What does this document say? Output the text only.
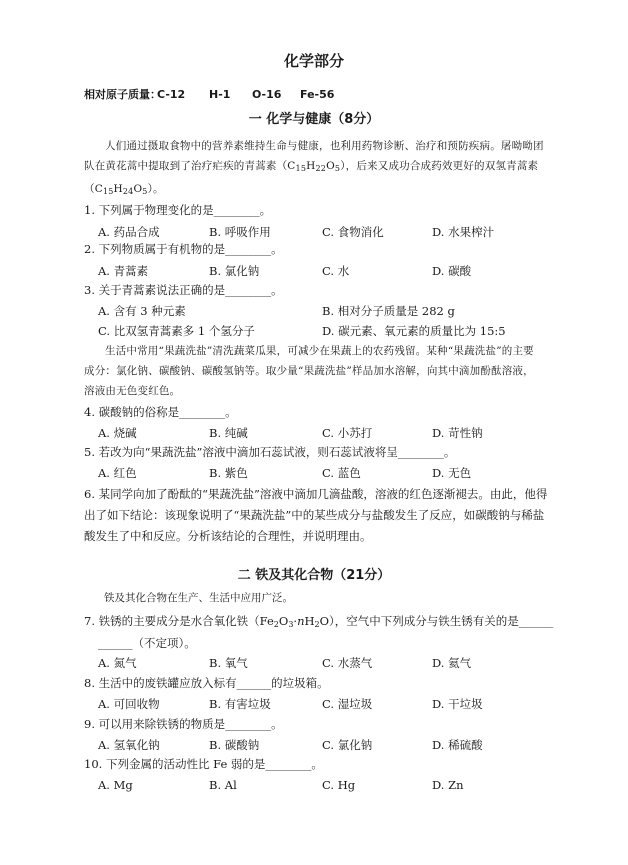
化学部分
相对原子质量：
C-12 H-1 O-16 Fe-56
一 化学与健康（8分）
人们通过摄取食物中的营养素维持生命与健康，也利用药物诊断、治疗和预防疾病。屠呦呦团队在黄花蒿中提取到了治疗疟疾的青蒿素$(C_{15}H_{22}O_5)$，后来又成功合成药效更好的双氢青蒿素$(C_{15}H_{24}O_5)$。
1. 下列属于物理变化的是________。
A. 药品合成	B. 呼吸作用	C. 食物消化	D. 水果榨汁
2. 下列物质属于有机物的是________。
A. 青蒿素	B. 氯化钠	C. 水	D. 碳酸
3. 关于青蒿素说法正确的是________。
A. 含有 3 种元素	B. 相对分子质量是 282 g
C. 比双氢青蒿素多 1 个氢分子	D. 碳元素、氧元素的质量比为 15:5
生活中常用“果蔬洗盐”清洗蔬菜瓜果，可减少在果蔬上的农药残留。某种“果蔬洗盐”的主要成分：氯化钠、碳酸钠、碳酸氢钠等。取少量“果蔬洗盐”样品加水溶解，向其中滴加酚酞溶液，溶液由无色变红色。
4. 碳酸钠的俗称是________。
A. 烧碱	B. 纯碱	C. 小苏打	D. 苛性钠
5. 若改为向“果蔬洗盐”溶液中滴加石蕊试液，则石蕊试液将呈________。
A. 红色	B. 紫色	C. 蓝色	D. 无色
6. 某同学向加了酚酞的“果蔬洗盐”溶液中滴加几滴盐酸，溶液的红色逐渐褪去。由此，他得出了如下结论：该现象说明了“果蔬洗盐”中的某些成分与盐酸发生了反应，如碳酸钠与稀盐酸发生了中和反应。分析该结论的合理性，并说明理由。
二 铁及其化合物（21分）
铁及其化合物在生产、生活中应用广泛。
7. 铁锈的主要成分是水合氧化铁$(Fe_2O_3\cdot nH_2O)$，空气中下列成分与铁生锈有关的是______
______（不定项）。
A. 氮气	B. 氧气	C. 水蒸气	D. 氦气
8. 生活中的废铁罐应放入标有______的垃圾箱。
A. 可回收物	B. 有害垃圾	C. 湿垃圾	D. 干垃圾
9. 可以用来除铁锈的物质是________。
A. 氢氧化钠	B. 碳酸钠	C. 氯化钠	D. 稀硫酸
10. 下列金属的活动性比 Fe 弱的是________。
A. Mg	B. Al	C. Hg	D. Zn
